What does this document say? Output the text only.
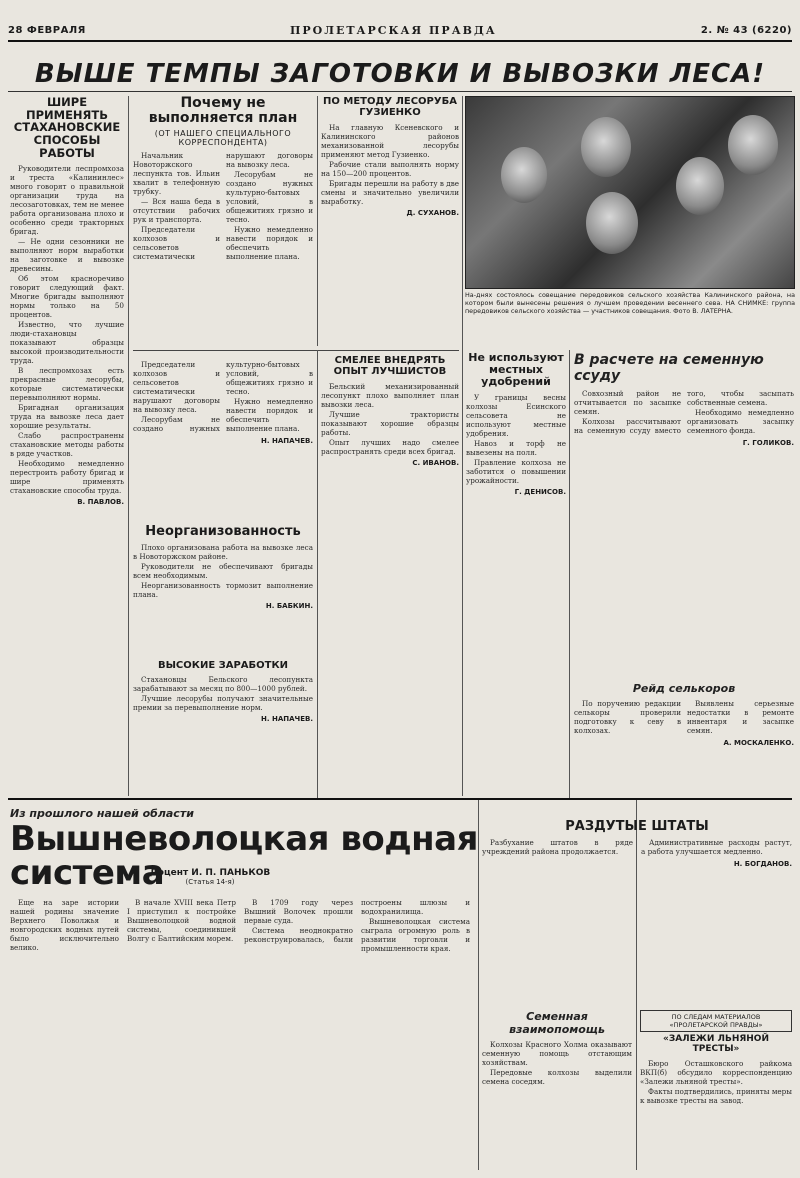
28 ФЕВРАЛЯ	ПРОЛЕТАРСКАЯ ПРАВДА	2. № 43 (6220)
ВЫШЕ ТЕМПЫ ЗАГОТОВКИ И ВЫВОЗКИ ЛЕСА!
ШИРЕ ПРИМЕНЯТЬ СТАХАНОВСКИЕ СПОСОБЫ РАБОТЫ

Руководители леспромхоза и трестa «Калининлес» много говорят о правильной организации труда на лесозаготовках, тем не менее работа организована плохо и особенно среди тракторных бригад.

— Не одни сезонники не выполняют норм выработки на заготовке и вывозке древесины.

Об этом красноречиво говорит следующий факт. Многие бригады выполняют нормы только на 50 процентов.

Известно, что лучшие люди-стахановцы показывают образцы высокой производительности труда.

В леспромхозах есть прекрасные лесорубы, которые систематически перевыполняют нормы.

Бригадная организация труда на вывозке леса дает хорошие результаты.

Слабо распространены стахановские методы работы в ряде участков.

Необходимо немедленно перестроить работу бригад и шире применять стахановские способы труда.

В. ПАВЛОВ.
Почему не выполняется план
(ОТ НАШЕГО СПЕЦИАЛЬНОГО КОРРЕСПОНДЕНТА)

Начальник Новоторжского леспунктa тов. Ильин хвалит в телефонную трубку.

— Вся наша беда в отсутствии рабочих рук и транспорта.

Председатели колхозов и сельсоветов систематически нарушают договоры на вывозку леса.

Лесорубам не создано нужных культурно-бытовых условий, в общежитиях грязно и тесно.

Нужно немедленно навести порядок и обеспечить выполнение плана.

ПО МЕТОДУ ЛЕСОРУБА ГУЗИЕНКО

На главную Ксеневского и Калининского районов механизованной лесорубы применяют метод Гузиенко.

Рабочие стали выполнять норму на 150—200 процентов.

Бригады перешли на работу в две смены и значительно увеличили выработку.

Д. СУХАНОВ.
СМЕЛЕЕ ВНЕДРЯТЬ ОПЫТ ЛУЧШИСТОВ

Бельский механизированный лесопункт плохо выполняет план вывозки леса.

Лучшие трактористы показывают хорошие образцы работы.

Опыт лучших надо смелее распространять среди всех бригад.

С. ИВАНОВ.
Неорганизованность

Плохо организована работа на вывозке леса в Новоторжском районе.

Руководители не обеспечивают бригады всем необходимым.

Неорганизованность тормозит выполнение плана.

Н. БАБКИН.

Председатели колхозов и сельсоветов систематически нарушают договоры на вывозку леса.

Лесорубам не создано нужных культурно-бытовых условий, в общежитиях грязно и тесно.

Нужно немедленно навести порядок и обеспечить выполнение плана.

Н. НАПАЧЕВ.
ВЫСОКИЕ ЗАРАБОТКИ

Стахановцы Бельского лесопункта зарабатывают за месяц по 800—1000 рублей.

Лучшие лесорубы получают значительные премии за перевыполнение норм.

Н. НАПАЧЕВ.
На-днях состоялось совещание передовиков сельского хозяйства Калининского района, на котором были вынесены решения о лучшем проведении весеннего сева. НА СНИМКЕ: группа передовиков сельского хозяйства — участников совещания. Фото В. ЛАТЕРНА.
Не используют местных удобрений

У границы весны колхозы Есинского сельсовета не используют местные удобрения.

Навоз и торф не вывезены на поля.

Правление колхоза не заботится о повышении урожайности.

Г. ДЕНИСОВ.
В расчете на семенную ссуду

Совхозный район не отчитывается по засыпке семян.

Колхозы рассчитывают на семенную ссуду вместо того, чтобы засыпать собственные семена.

Необходимо немедленно организовать засыпку семенного фонда.

Г. ГОЛИКОВ.
Рейд селькоров

По поручению редакции селькоры проверили подготовку к севу в колхозах.

Выявлены серьезные недостатки в ремонте инвентаря и засыпке семян.

А. МОСКАЛЕНКО.
Из прошлого нашей области
Вышневолоцкая водная система
Доцент И. П. ПАНЬКОВ
(Статья 14-я)

Еще на заре истории нашей родины значение Верхнего Поволжья и новгородских водных путей было исключительно велико.

В начале XVIII века Петр I приступил к постройке Вышневолоцкой водной системы, соединившей Волгу с Балтийским морем.

В 1709 году через Вышний Волочек прошли первые суда.

Система неоднократно реконструировалась, были построены шлюзы и водохранилища.

Вышневолоцкая система сыграла огромную роль в развитии торговли и промышленности края.

РАЗДУТЫЕ ШТАТЫ

Разбухание штатов в ряде учреждений района продолжается.

Административные расходы растут, а работа улучшается медленно.

Н. БОГДАНОВ.
Семенная взаимопомощь

Колхозы Красного Холма оказывают семенную помощь отстающим хозяйствам.

Передовые колхозы выделили семена соседям.

ПО СЛЕДАМ МАТЕРИАЛОВ «ПРОЛЕТАРСКОЙ ПРАВДЫ»
«ЗАЛЕЖИ ЛЬНЯНОЙ ТРЕСТЫ»

Бюро Осташковского райкома ВКП(б) обсудило корреспонденцию «Залежи льняной тресты».

Факты подтвердились, приняты меры к вывозке тресты на завод.
